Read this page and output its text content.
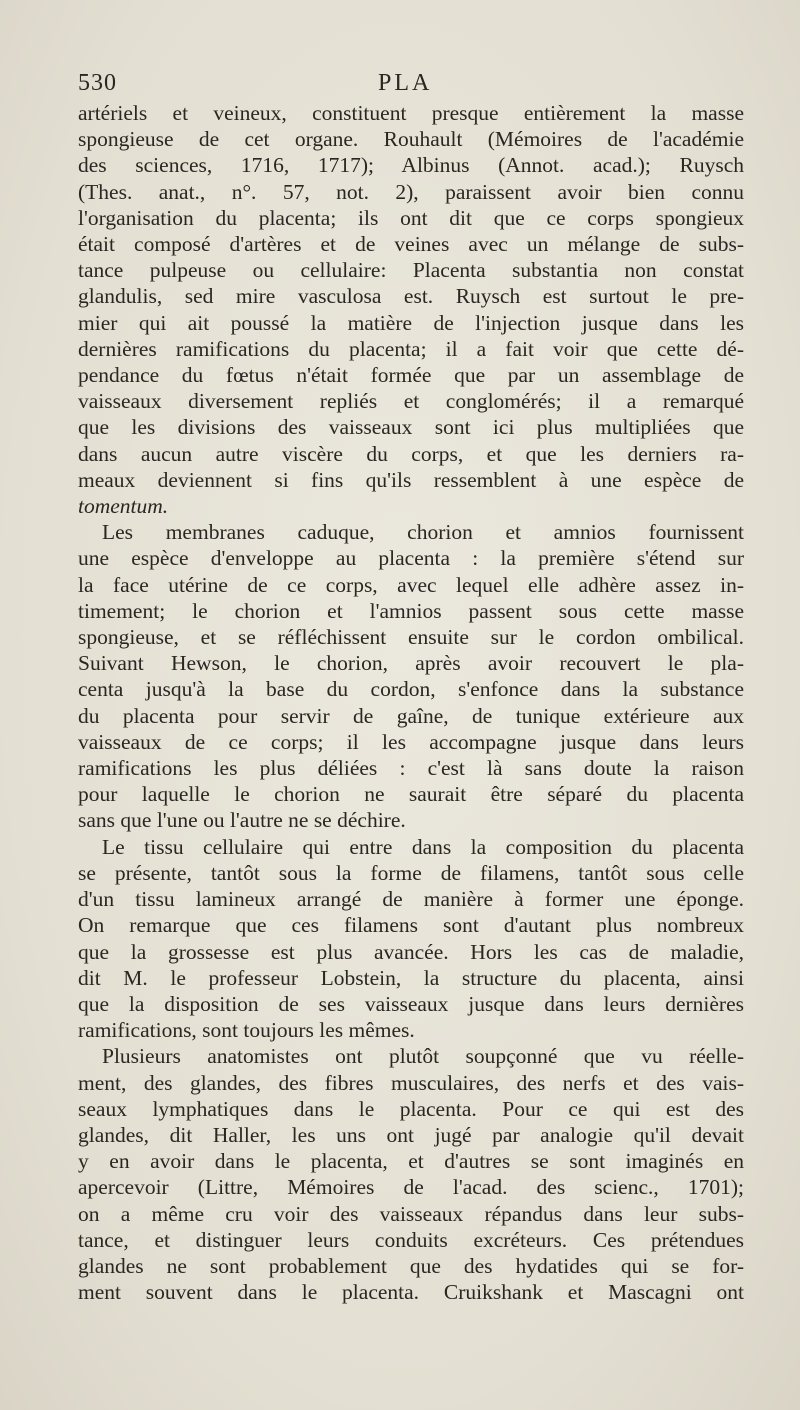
530	PLA
artériels et veineux, constituent presque entièrement la masse
spongieuse de cet organe. Rouhault (Mémoires de l'académie
des sciences, 1716, 1717); Albinus (Annot. acad.); Ruysch
(Thes. anat., n°. 57, not. 2), paraissent avoir bien connu
l'organisation du placenta; ils ont dit que ce corps spongieux
était composé d'artères et de veines avec un mélange de subs-
tance pulpeuse ou cellulaire: Placenta substantia non constat
glandulis, sed mire vasculosa est. Ruysch est surtout le pre-
mier qui ait poussé la matière de l'injection jusque dans les
dernières ramifications du placenta; il a fait voir que cette dé-
pendance du fœtus n'était formée que par un assemblage de
vaisseaux diversement repliés et conglomérés; il a remarqué
que les divisions des vaisseaux sont ici plus multipliées que
dans aucun autre viscère du corps, et que les derniers ra-
meaux deviennent si fins qu'ils ressemblent à une espèce de
tomentum.
Les membranes caduque, chorion et amnios fournissent
une espèce d'enveloppe au placenta : la première s'étend sur
la face utérine de ce corps, avec lequel elle adhère assez in-
timement; le chorion et l'amnios passent sous cette masse
spongieuse, et se réfléchissent ensuite sur le cordon ombilical.
Suivant Hewson, le chorion, après avoir recouvert le pla-
centa jusqu'à la base du cordon, s'enfonce dans la substance
du placenta pour servir de gaîne, de tunique extérieure aux
vaisseaux de ce corps; il les accompagne jusque dans leurs
ramifications les plus déliées : c'est là sans doute la raison
pour laquelle le chorion ne saurait être séparé du placenta
sans que l'une ou l'autre ne se déchire.
Le tissu cellulaire qui entre dans la composition du placenta
se présente, tantôt sous la forme de filamens, tantôt sous celle
d'un tissu lamineux arrangé de manière à former une éponge.
On remarque que ces filamens sont d'autant plus nombreux
que la grossesse est plus avancée. Hors les cas de maladie,
dit M. le professeur Lobstein, la structure du placenta, ainsi
que la disposition de ses vaisseaux jusque dans leurs dernières
ramifications, sont toujours les mêmes.
Plusieurs anatomistes ont plutôt soupçonné que vu réelle-
ment, des glandes, des fibres musculaires, des nerfs et des vais-
seaux lymphatiques dans le placenta. Pour ce qui est des
glandes, dit Haller, les uns ont jugé par analogie qu'il devait
y en avoir dans le placenta, et d'autres se sont imaginés en
apercevoir (Littre, Mémoires de l'acad. des scienc., 1701);
on a même cru voir des vaisseaux répandus dans leur subs-
tance, et distinguer leurs conduits excréteurs. Ces prétendues
glandes ne sont probablement que des hydatides qui se for-
ment souvent dans le placenta. Cruikshank et Mascagni ont
